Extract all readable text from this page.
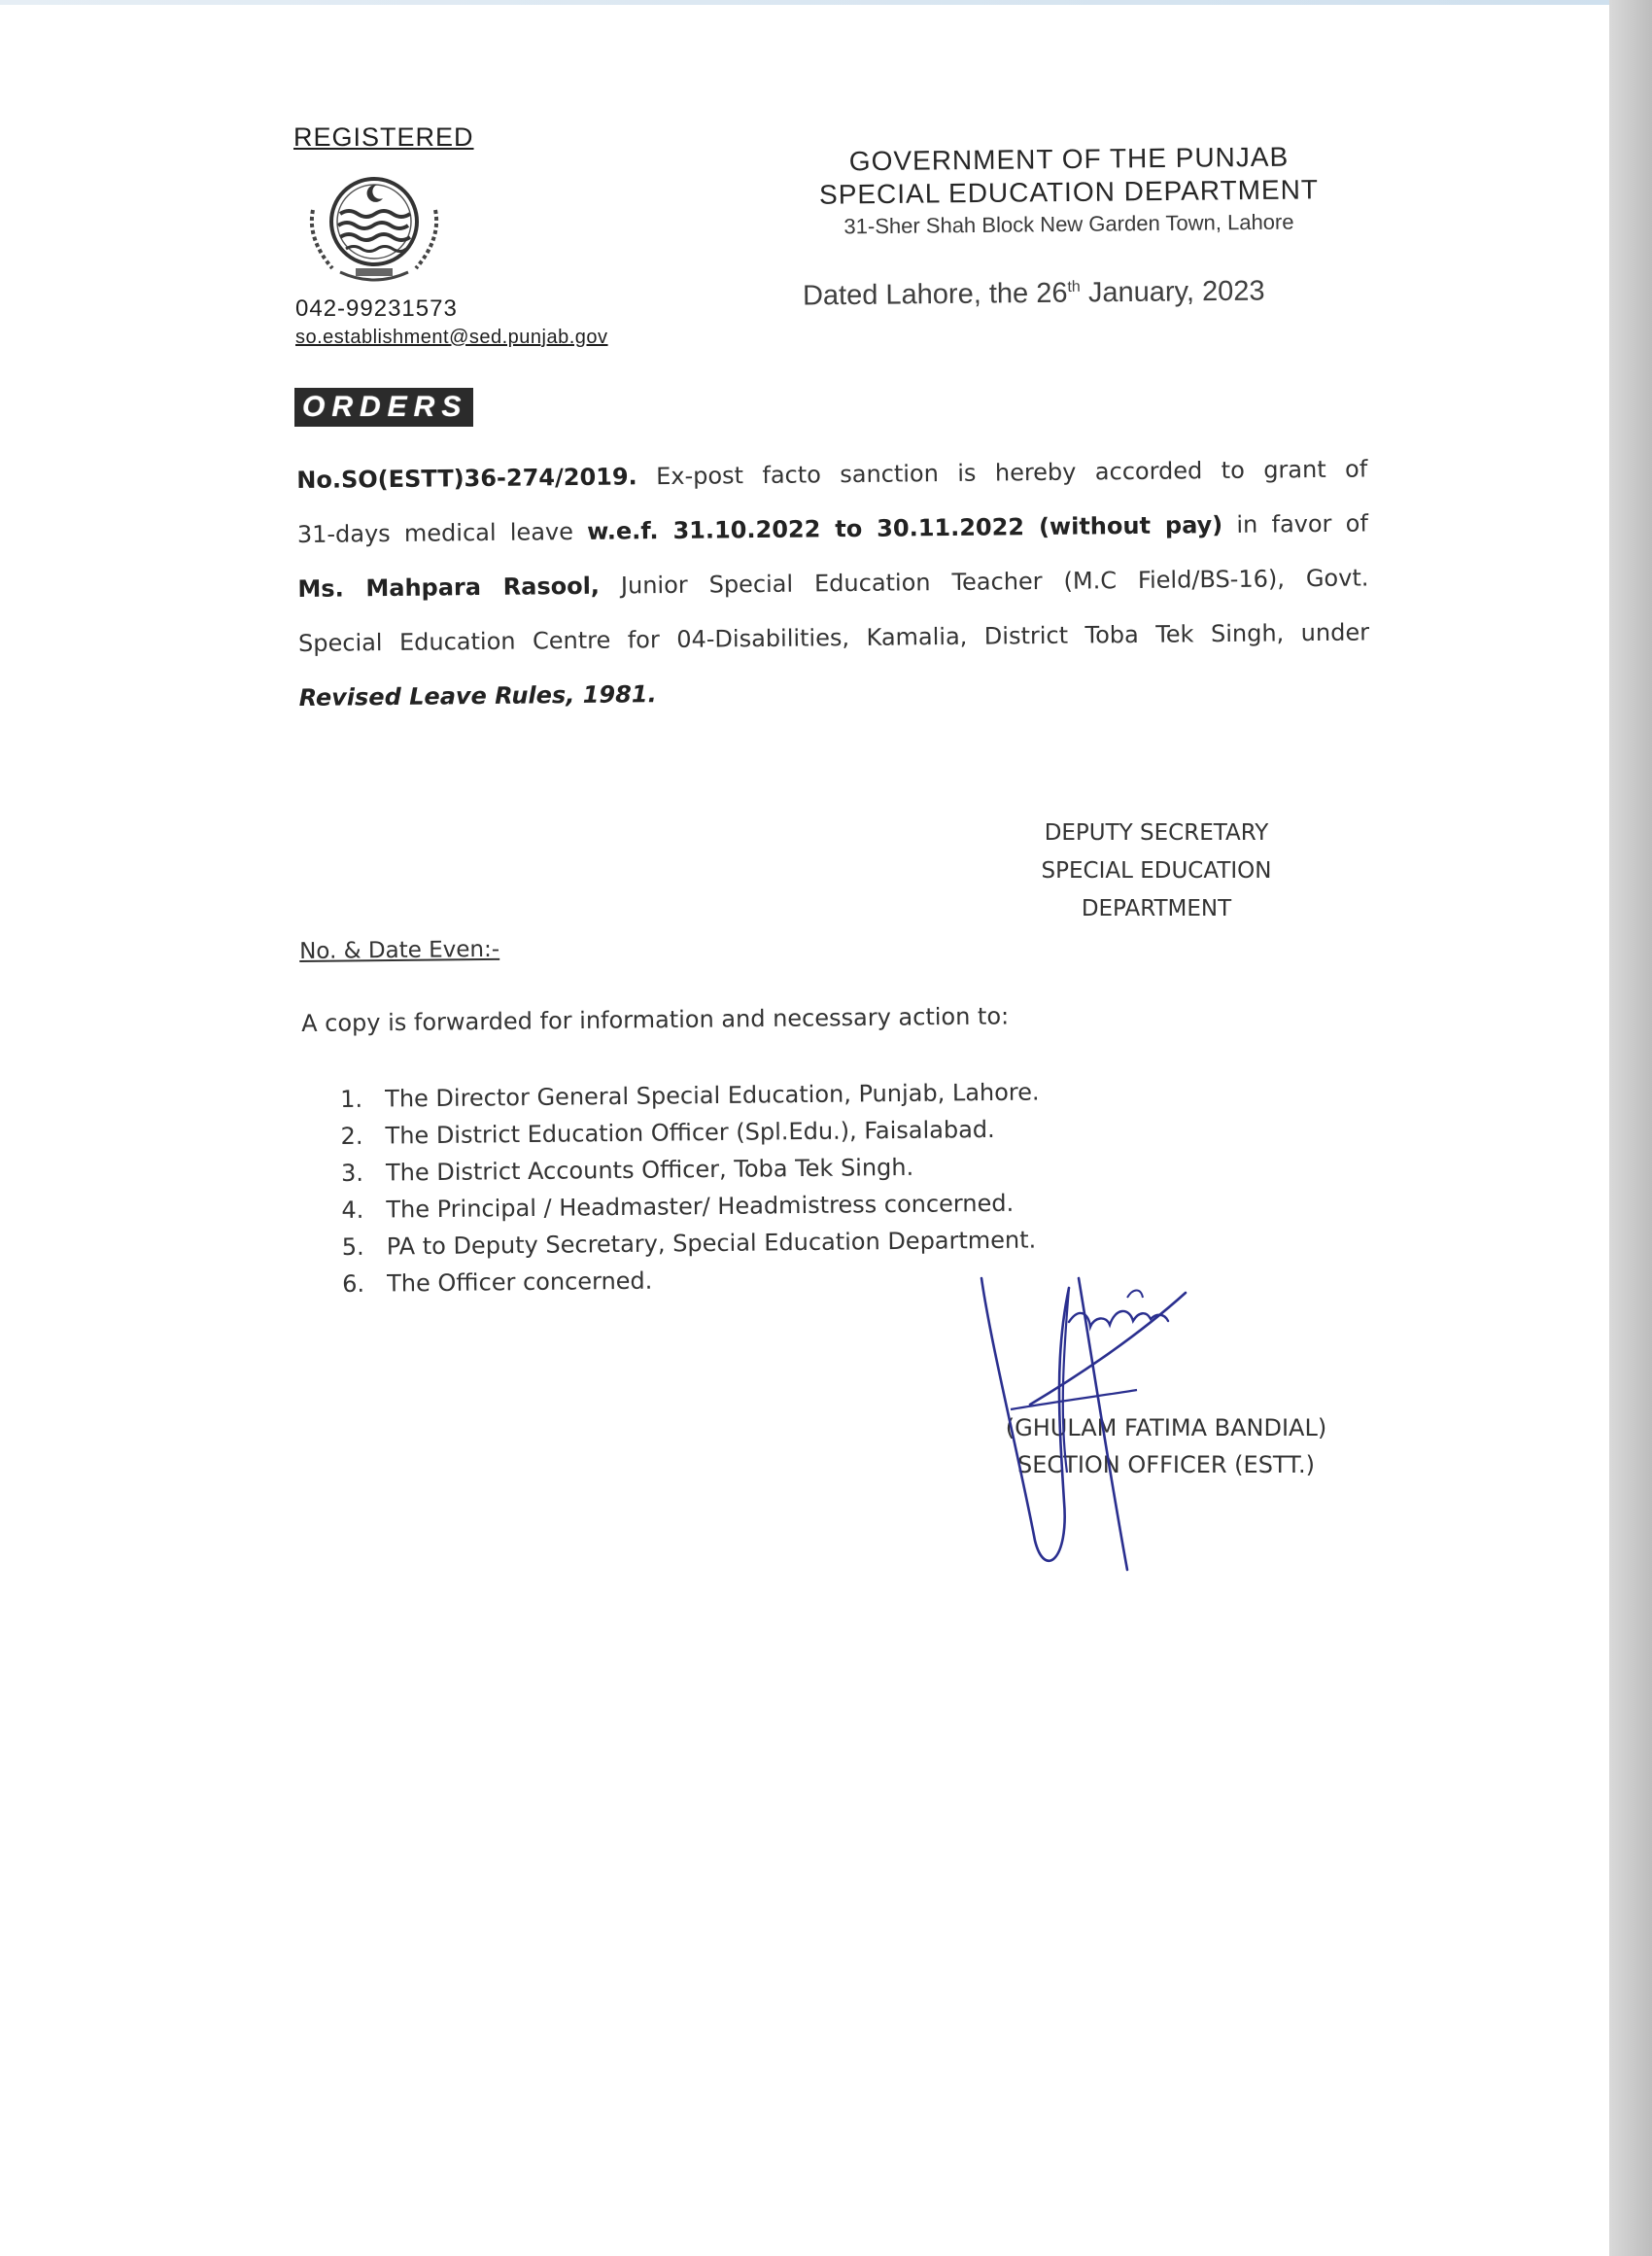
REGISTERED
042-99231573
so.establishment@sed.punjab.gov
GOVERNMENT OF THE PUNJAB
SPECIAL EDUCATION DEPARTMENT
31-Sher Shah Block New Garden Town, Lahore
Dated Lahore, the 26th January, 2023
ORDERS
No.SO(ESTT)36-274/2019. Ex-post facto sanction is hereby accorded to grant of
31-days medical leave w.e.f. 31.10.2022 to 30.11.2022 (without pay) in favor of
Ms. Mahpara Rasool, Junior Special Education Teacher (M.C Field/BS-16), Govt.
Special Education Centre for 04-Disabilities, Kamalia, District Toba Tek Singh, under
Revised Leave Rules, 1981.
DEPUTY SECRETARY
SPECIAL EDUCATION
DEPARTMENT
No. & Date Even:-
A copy is forwarded for information and necessary action to:
1. The Director General Special Education, Punjab, Lahore.
2. The District Education Officer (Spl.Edu.), Faisalabad.
3. The District Accounts Officer, Toba Tek Singh.
4. The Principal / Headmaster/ Headmistress concerned.
5. PA to Deputy Secretary, Special Education Department.
6. The Officer concerned.
(GHULAM FATIMA BANDIAL)
SECTION OFFICER (ESTT.)
